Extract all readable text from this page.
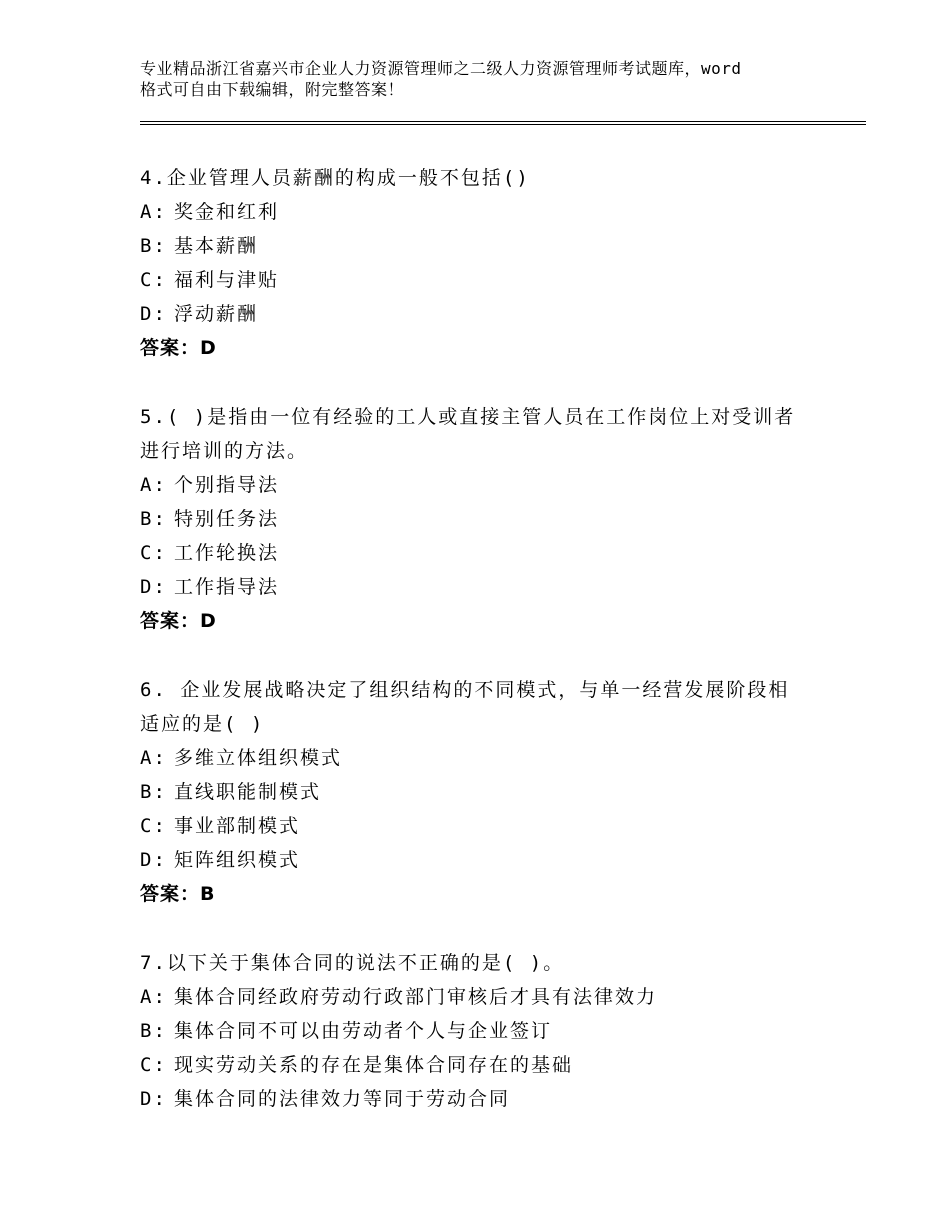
专业精品浙江省嘉兴市企业人力资源管理师之二级人力资源管理师考试题库，word
格式可自由下载编辑，附完整答案！
4.企业管理人员薪酬的构成一般不包括()
A: 奖金和红利
B: 基本薪酬
C: 福利与津贴
D: 浮动薪酬
答案：D
5.( )是指由一位有经验的工人或直接主管人员在工作岗位上对受训者
进行培训的方法。
A: 个别指导法
B: 特别任务法
C: 工作轮换法
D: 工作指导法
答案：D
6. 企业发展战略决定了组织结构的不同模式，与单一经营发展阶段相
适应的是( )
A: 多维立体组织模式
B: 直线职能制模式
C: 事业部制模式
D: 矩阵组织模式
答案：B
7.以下关于集体合同的说法不正确的是( )。
A: 集体合同经政府劳动行政部门审核后才具有法律效力
B: 集体合同不可以由劳动者个人与企业签订
C: 现实劳动关系的存在是集体合同存在的基础
D: 集体合同的法律效力等同于劳动合同
